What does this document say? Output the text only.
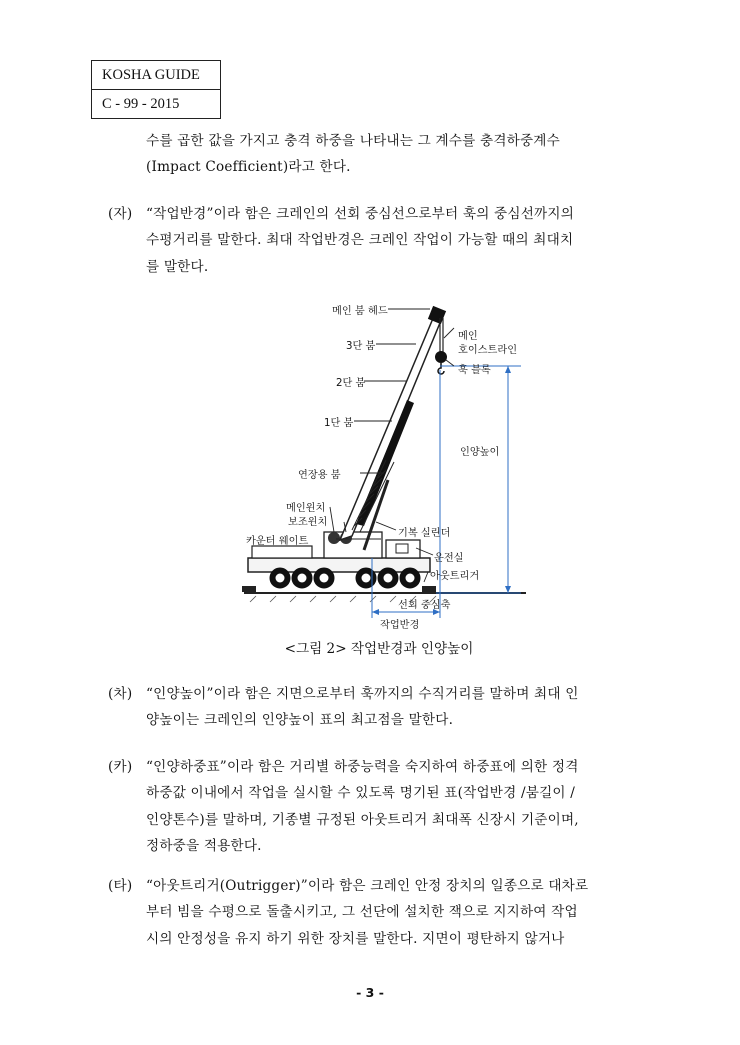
KOSHA GUIDE
C - 99 - 2015
수를 곱한 값을 가지고 충격 하중을 나타내는 그 계수를 충격하중계수
(Impact Coefficient)라고 한다.
(자) “작업반경”이라 함은 크레인의 선회 중심선으로부터 훅의 중심선까지의
수평거리를 말한다. 최대 작업반경은 크레인 작업이 가능할 때의 최대치
를 말한다.
메인 붐 헤드
메인
호이스트라인
3단 붐
훅 블록
2단 붐
1단 붐
인양높이
연장용 붐
메인윈치
보조윈치
기복 실린더
카운터 웨이트
운전실
아웃트리거
선회 중심축
작업반경
<그림 2> 작업반경과 인양높이
(차) “인양높이”이라 함은 지면으로부터 훅까지의 수직거리를 말하며 최대 인
양높이는 크레인의 인양높이 표의 최고점을 말한다.
(카) “인양하중표”이라 함은 거리별 하중능력을 숙지하여 하중표에 의한 정격
하중값 이내에서 작업을 실시할 수 있도록 명기된 표(작업반경 /붐길이 /
인양톤수)를 말하며, 기종별 규정된 아웃트리거 최대폭 신장시 기준이며,
정하중을 적용한다.
(타) “아웃트리거(Outrigger)”이라 함은 크레인 안정 장치의 일종으로 대차로
부터 빔을 수평으로 돌출시키고, 그 선단에 설치한 잭으로 지지하여 작업
시의 안정성을 유지 하기 위한 장치를 말한다. 지면이 평탄하지 않거나
- 3 -
